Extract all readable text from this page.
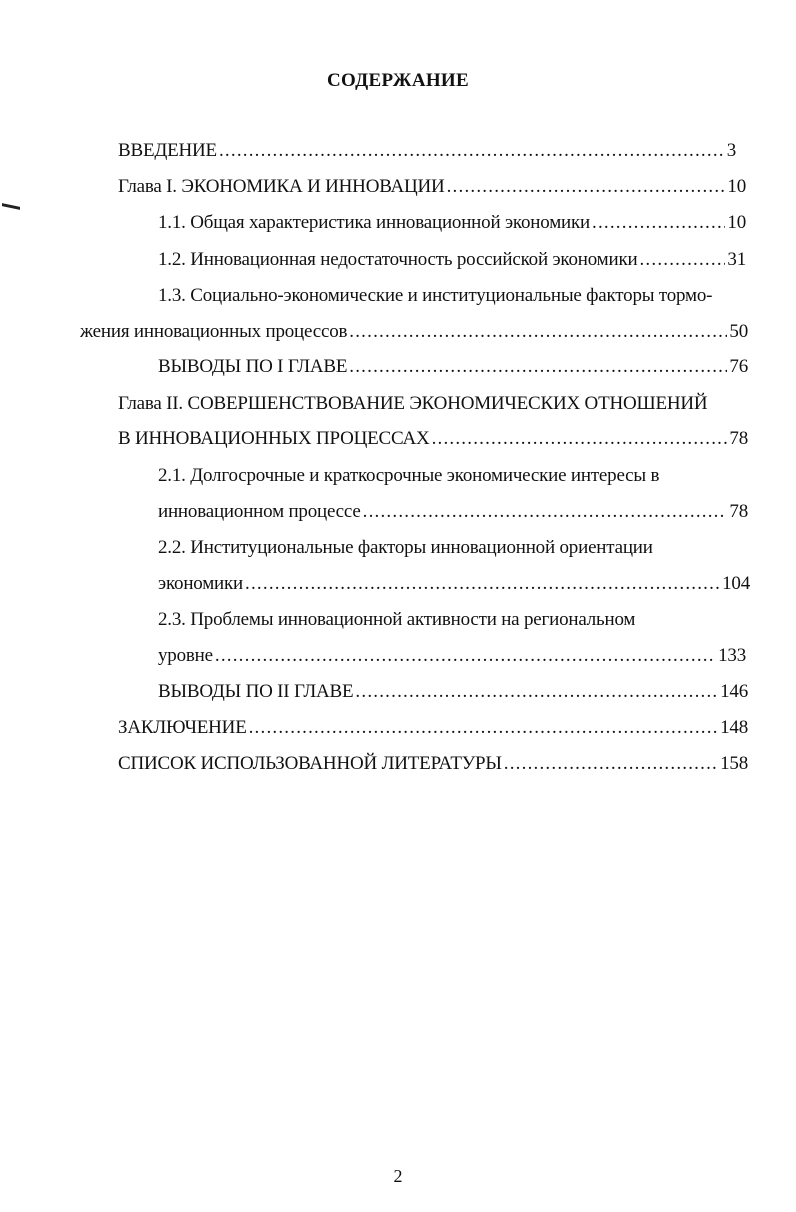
СОДЕРЖАНИЕ
ВВЕДЕНИЕ .....	3
Глава I. ЭКОНОМИКА И ИННОВАЦИИ .....	10
1.1. Общая характеристика инновационной экономики .....	10
1.2. Инновационная недостаточность российской экономики .....	31
1.3. Социально-экономические и институциональные факторы тормо-
жения инновационных процессов .....	50
ВЫВОДЫ ПО I ГЛАВЕ .....	76
Глава II. СОВЕРШЕНСТВОВАНИЕ ЭКОНОМИЧЕСКИХ ОТНОШЕНИЙ
В ИННОВАЦИОННЫХ ПРОЦЕССАХ .....	78
2.1. Долгосрочные и краткосрочные экономические интересы в
инновационном процессе .....	78
2.2. Институциональные факторы инновационной ориентации
экономики .....	104
2.3. Проблемы инновационной активности на региональном
уровне .....	133
ВЫВОДЫ ПО II ГЛАВЕ .....	146
ЗАКЛЮЧЕНИЕ .....	148
СПИСОК ИСПОЛЬЗОВАННОЙ ЛИТЕРАТУРЫ .....	158
2
